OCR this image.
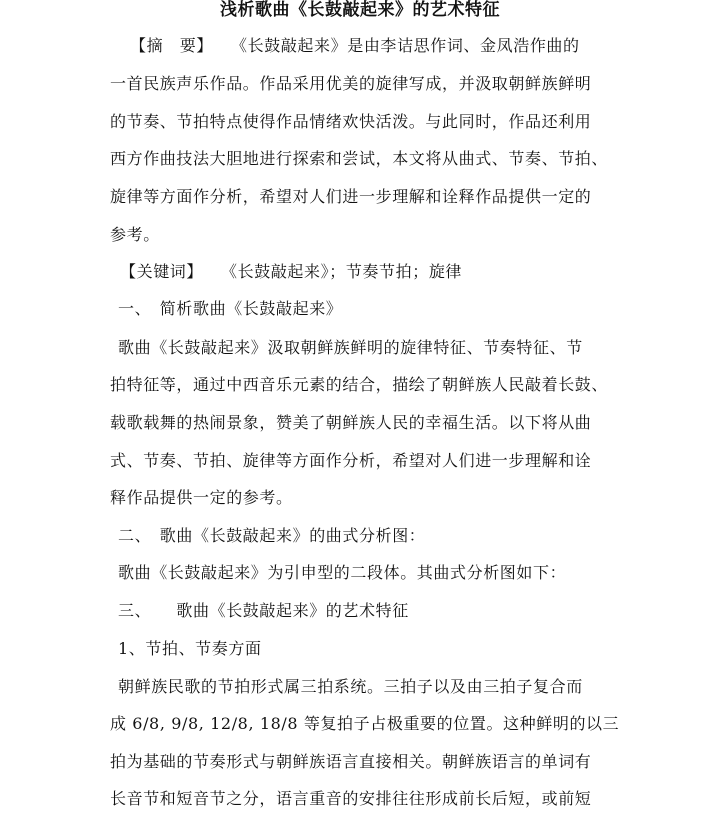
浅析歌曲《长鼓敲起来》的艺术特征
【摘　要】 《长鼓敲起来》是由李诘思作词、金凤浩作曲的
一首民族声乐作品。作品采用优美的旋律写成，并汲取朝鲜族鲜明
的节奏、节拍特点使得作品情绪欢快活泼。与此同时，作品还利用
西方作曲技法大胆地进行探索和尝试，本文将从曲式、节奏、节拍、
旋律等方面作分析，希望对人们进一步理解和诠释作品提供一定的
参考。
【关键词】 《长鼓敲起来》；节奏节拍；旋律
一、　简析歌曲《长鼓敲起来》
歌曲《长鼓敲起来》汲取朝鲜族鲜明的旋律特征、节奏特征、节
拍特征等，通过中西音乐元素的结合，描绘了朝鲜族人民敲着长鼓、
载歌载舞的热闹景象，赞美了朝鲜族人民的幸福生活。以下将从曲
式、节奏、节拍、旋律等方面作分析，希望对人们进一步理解和诠
释作品提供一定的参考。
二、　歌曲《长鼓敲起来》的曲式分析图：
歌曲《长鼓敲起来》为引申型的二段体。其曲式分析图如下：
三、　　歌曲《长鼓敲起来》的艺术特征
1、节拍、节奏方面
朝鲜族民歌的节拍形式属三拍系统。三拍子以及由三拍子复合而
成 6/8, 9/8, 12/8, 18/8 等复拍子占极重要的位置。这种鲜明的以三
拍为基础的节奏形式与朝鲜族语言直接相关。朝鲜族语言的单词有
长音节和短音节之分，语言重音的安排往往形成前长后短，或前短
